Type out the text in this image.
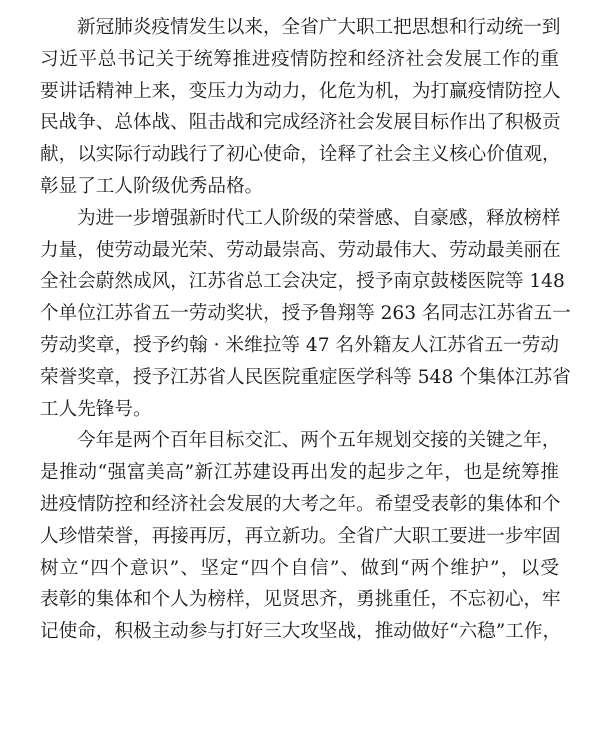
新冠肺炎疫情发生以来，全省广大职工把思想和行动统一到
习近平总书记关于统筹推进疫情防控和经济社会发展工作的重
要讲话精神上来，变压力为动力，化危为机，为打赢疫情防控人
民战争、总体战、阻击战和完成经济社会发展目标作出了积极贡
献，以实际行动践行了初心使命，诠释了社会主义核心价值观，
彰显了工人阶级优秀品格。

为进一步增强新时代工人阶级的荣誉感、自豪感，释放榜样
力量，使劳动最光荣、劳动最崇高、劳动最伟大、劳动最美丽在
全社会蔚然成风，江苏省总工会决定，授予南京鼓楼医院等 148
个单位江苏省五一劳动奖状，授予鲁翔等 263 名同志江苏省五一
劳动奖章，授予约翰 · 米维拉等 47 名外籍友人江苏省五一劳动
荣誉奖章，授予江苏省人民医院重症医学科等 548 个集体江苏省
工人先锋号。

今年是两个百年目标交汇、两个五年规划交接的关键之年，
是推动“强富美高”新江苏建设再出发的起步之年，也是统筹推
进疫情防控和经济社会发展的大考之年。希望受表彰的集体和个
人珍惜荣誉，再接再厉，再立新功。全省广大职工要进一步牢固
树立“四个意识”、坚定“四个自信”、做到“两个维护”，以受
表彰的集体和个人为榜样，见贤思齐，勇挑重任，不忘初心，牢
记使命，积极主动参与打好三大攻坚战，推动做好“六稳”工作，
